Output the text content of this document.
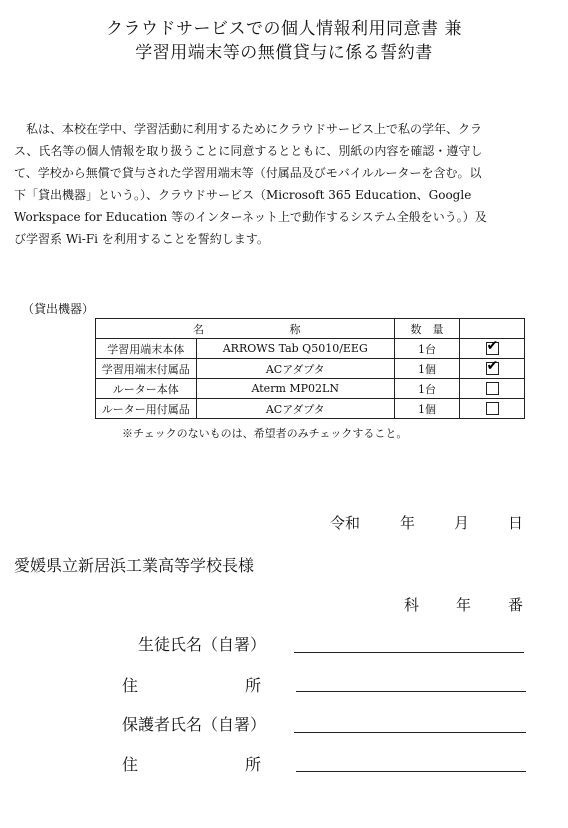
クラウドサービスでの個人情報利用同意書 兼
学習用端末等の無償貸与に係る誓約書
　私は、本校在学中、学習活動に利用するためにクラウドサービス上で私の学年、クラ
ス、氏名等の個人情報を取り扱うことに同意するとともに、別紙の内容を確認・遵守し
て、学校から無償で貸与された学習用端末等（付属品及びモバイルルーターを含む。以
下「貸出機器」という。）、クラウドサービス（Microsoft 365 Education、Google
Workspace for Education 等のインターネット上で動作するシステム全般をいう。）及
び学習系 Wi-Fi を利用することを誓約します。
（貸出機器）
名	称	数　量	
学習用端末本体	ARROWS Tab Q5010/EEG	1台	✔
学習用端末付属品	ACアダプタ	1個	✔
ルーター本体	Aterm MP02LN	1台	
ルーター用付属品	ACアダプタ	1個	
※チェックのないものは、希望者のみチェックすること。
令和	年	月	日
愛媛県立新居浜工業高等学校長様
科 年 番
生徒氏名（自署）
住	所
保護者氏名（自署）
住	所
